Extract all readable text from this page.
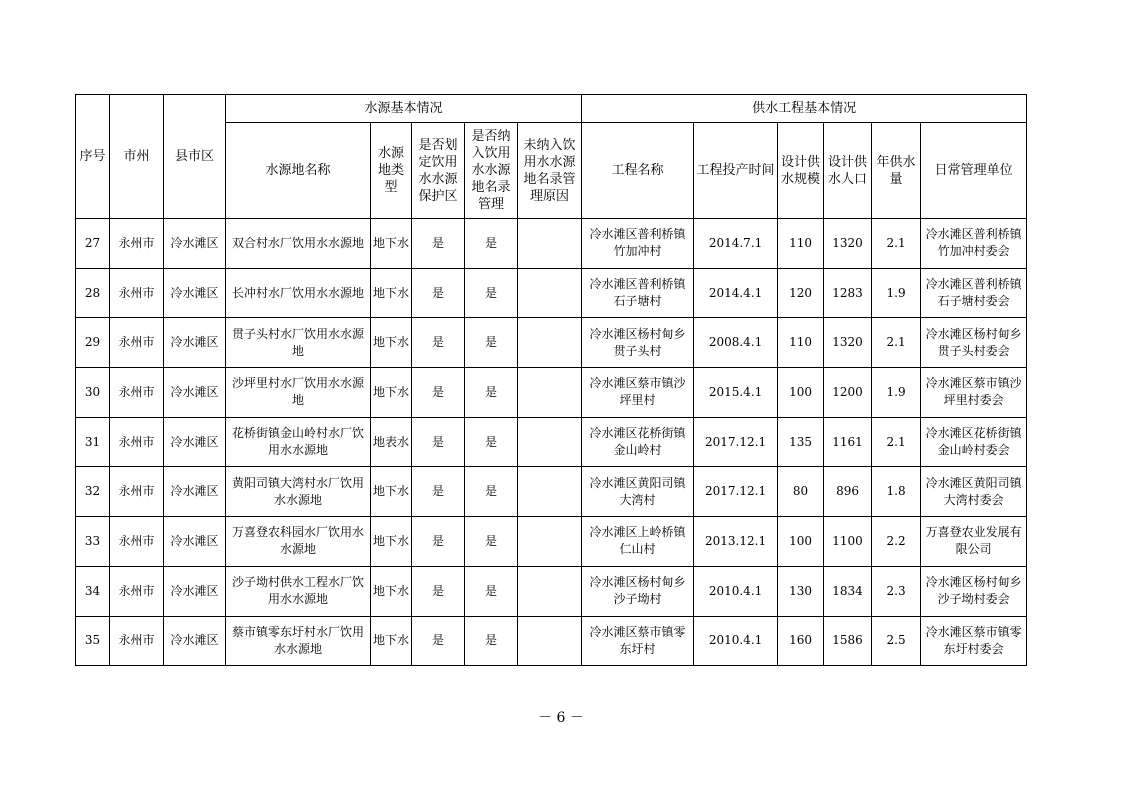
序号	市州	县市区	水源基本情况					供水工程基本情况					
			水源地名称	水源地类型	是否划定饮用水水源保护区	是否纳入饮用水水源地名录管理	未纳入饮用水水源地名录管理原因	工程名称	工程投产时间	设计供水规模	设计供水人口	年供水量	日常管理单位
27	永州市	冷水滩区	双合村水厂饮用水水源地	地下水	是	是		冷水滩区普利桥镇竹加冲村	2014.7.1	110	1320	2.1	冷水滩区普利桥镇竹加冲村委会
28	永州市	冷水滩区	长冲村水厂饮用水水源地	地下水	是	是		冷水滩区普利桥镇石子塘村	2014.4.1	120	1283	1.9	冷水滩区普利桥镇石子塘村委会
29	永州市	冷水滩区	贯子头村水厂饮用水水源地	地下水	是	是		冷水滩区杨村甸乡贯子头村	2008.4.1	110	1320	2.1	冷水滩区杨村甸乡贯子头村委会
30	永州市	冷水滩区	沙坪里村水厂饮用水水源地	地下水	是	是		冷水滩区蔡市镇沙坪里村	2015.4.1	100	1200	1.9	冷水滩区蔡市镇沙坪里村委会
31	永州市	冷水滩区	花桥街镇金山岭村水厂饮用水水源地	地表水	是	是		冷水滩区花桥街镇金山岭村	2017.12.1	135	1161	2.1	冷水滩区花桥街镇金山岭村委会
32	永州市	冷水滩区	黄阳司镇大湾村水厂饮用水水源地	地下水	是	是		冷水滩区黄阳司镇大湾村	2017.12.1	80	896	1.8	冷水滩区黄阳司镇大湾村委会
33	永州市	冷水滩区	万喜登农科园水厂饮用水水源地	地下水	是	是		冷水滩区上岭桥镇仁山村	2013.12.1	100	1100	2.2	万喜登农业发展有限公司
34	永州市	冷水滩区	沙子坳村供水工程水厂饮用水水源地	地下水	是	是		冷水滩区杨村甸乡沙子坳村	2010.4.1	130	1834	2.3	冷水滩区杨村甸乡沙子坳村委会
35	永州市	冷水滩区	蔡市镇零东圩村水厂饮用水水源地	地下水	是	是		冷水滩区蔡市镇零东圩村	2010.4.1	160	1586	2.5	冷水滩区蔡市镇零东圩村委会
－ 6 －
